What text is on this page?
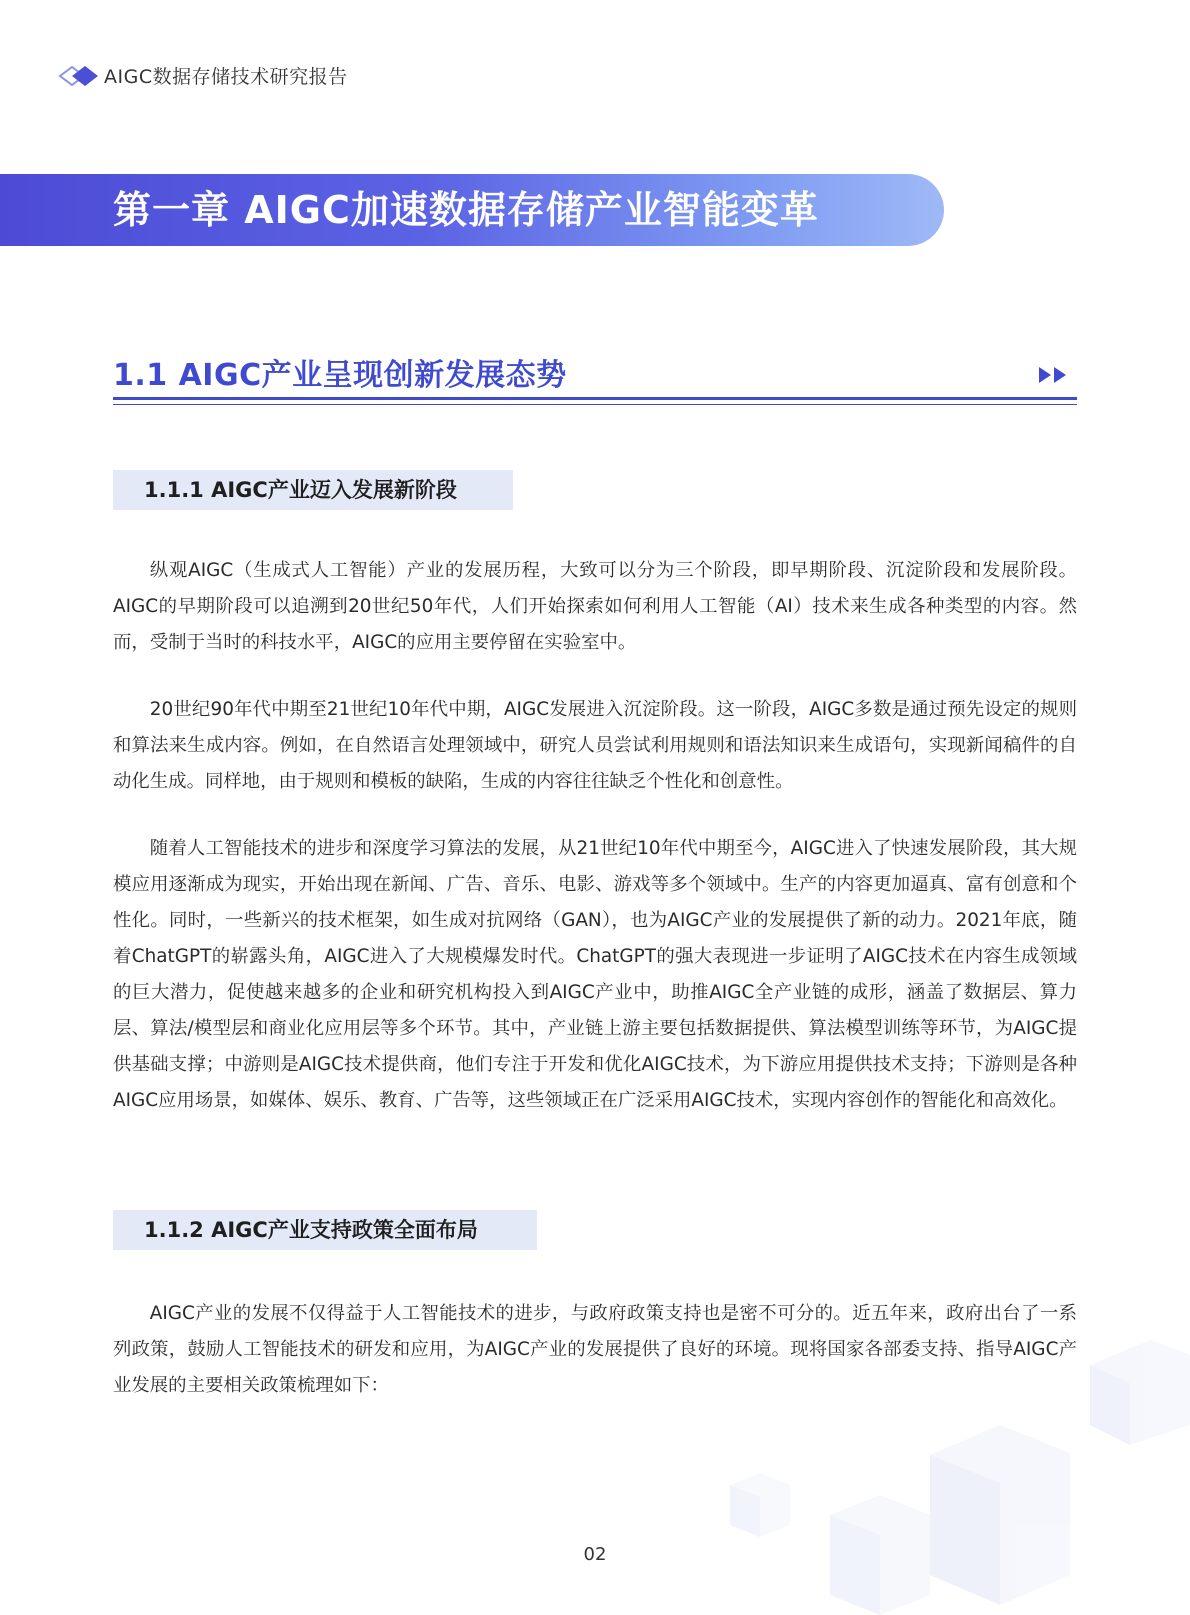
AIGC数据存储技术研究报告
第一章 AIGC加速数据存储产业智能变革
1.1 AIGC产业呈现创新发展态势
1.1.1 AIGC产业迈入发展新阶段

纵观AIGC（生成式人工智能）产业的发展历程，大致可以分为三个阶段，即早期阶段、沉淀阶段和发展阶段。AIGC的早期阶段可以追溯到20世纪50年代，人们开始探索如何利用人工智能（AI）技术来生成各种类型的内容。然而，受制于当时的科技水平，AIGC的应用主要停留在实验室中。

20世纪90年代中期至21世纪10年代中期，AIGC发展进入沉淀阶段。这一阶段，AIGC多数是通过预先设定的规则和算法来生成内容。例如，在自然语言处理领域中，研究人员尝试利用规则和语法知识来生成语句，实现新闻稿件的自动化生成。同样地，由于规则和模板的缺陷，生成的内容往往缺乏个性化和创意性。

随着人工智能技术的进步和深度学习算法的发展，从21世纪10年代中期至今，AIGC进入了快速发展阶段，其大规模应用逐渐成为现实，开始出现在新闻、广告、音乐、电影、游戏等多个领域中。生产的内容更加逼真、富有创意和个性化。同时，一些新兴的技术框架，如生成对抗网络（GAN），也为AIGC产业的发展提供了新的动力。2021年底，随着ChatGPT的崭露头角，AIGC进入了大规模爆发时代。ChatGPT的强大表现进一步证明了AIGC技术在内容生成领域的巨大潜力，促使越来越多的企业和研究机构投入到AIGC产业中，助推AIGC全产业链的成形，涵盖了数据层、算力层、算法/模型层和商业化应用层等多个环节。其中，产业链上游主要包括数据提供、算法模型训练等环节，为AIGC提供基础支撑；中游则是AIGC技术提供商，他们专注于开发和优化AIGC技术，为下游应用提供技术支持；下游则是各种AIGC应用场景，如媒体、娱乐、教育、广告等，这些领域正在广泛采用AIGC技术，实现内容创作的智能化和高效化。

1.1.2 AIGC产业支持政策全面布局

AIGC产业的发展不仅得益于人工智能技术的进步，与政府政策支持也是密不可分的。近五年来，政府出台了一系列政策，鼓励人工智能技术的研发和应用，为AIGC产业的发展提供了良好的环境。现将国家各部委支持、指导AIGC产业发展的主要相关政策梳理如下：

02
